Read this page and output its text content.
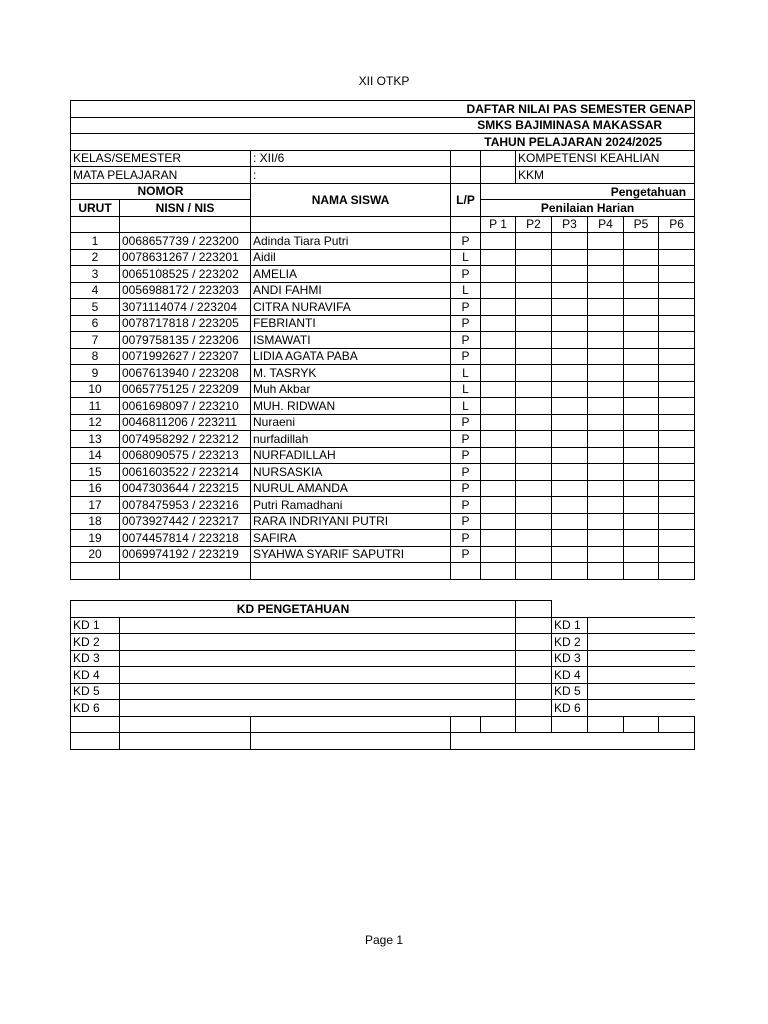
XII OTKP
DAFTAR NILAI PAS SEMESTER GENAP									
SMKS BAJIMINASA MAKASSAR									
TAHUN PELAJARAN 2024/2025									
KELAS/SEMESTER		: XII/6			KOMPETENSI KEAHLIAN				
MATA PELAJARAN		:			KKM				
NOMOR		NAMA SISWA	L/P	Pengetahuan					
URUT	NISN / NIS			Penilaian Harian					
				P 1	P2	P3	P4	P5	P6
1	0068657739 / 223200	Adinda Tiara Putri	P						
2	0078631267 / 223201	Aidil	L						
3	0065108525 / 223202	AMELIA	P						
4	0056988172 / 223203	ANDI FAHMI	L						
5	3071114074 / 223204	CITRA NURAVIFA	P						
6	0078717818 / 223205	FEBRIANTI	P						
7	0079758135 / 223206	ISMAWATI	P						
8	0071992627 / 223207	LIDIA AGATA PABA	P						
9	0067613940 / 223208	M. TASRYK	L						
10	0065775125 / 223209	Muh Akbar	L						
11	0061698097 / 223210	MUH. RIDWAN	L						
12	0046811206 / 223211	Nuraeni	P						
13	0074958292 / 223212	nurfadillah	P						
14	0068090575 / 223213	NURFADILLAH	P						
15	0061603522 / 223214	NURSASKIA	P						
16	0047303644 / 223215	NURUL AMANDA	P						
17	0078475953 / 223216	Putri Ramadhani	P						
18	0073927442 / 223217	RARA INDRIYANI PUTRI	P						
19	0074457814 / 223218	SAFIRA	P						
20	0069974192 / 223219	SYAHWA SYARIF SAPUTRI	P						

KD PENGETAHUAN									
KD 1						KD 1			
KD 2						KD 2			
KD 3						KD 3			
KD 4						KD 4			
KD 5						KD 5			
KD 6						KD 6			

Page 1
